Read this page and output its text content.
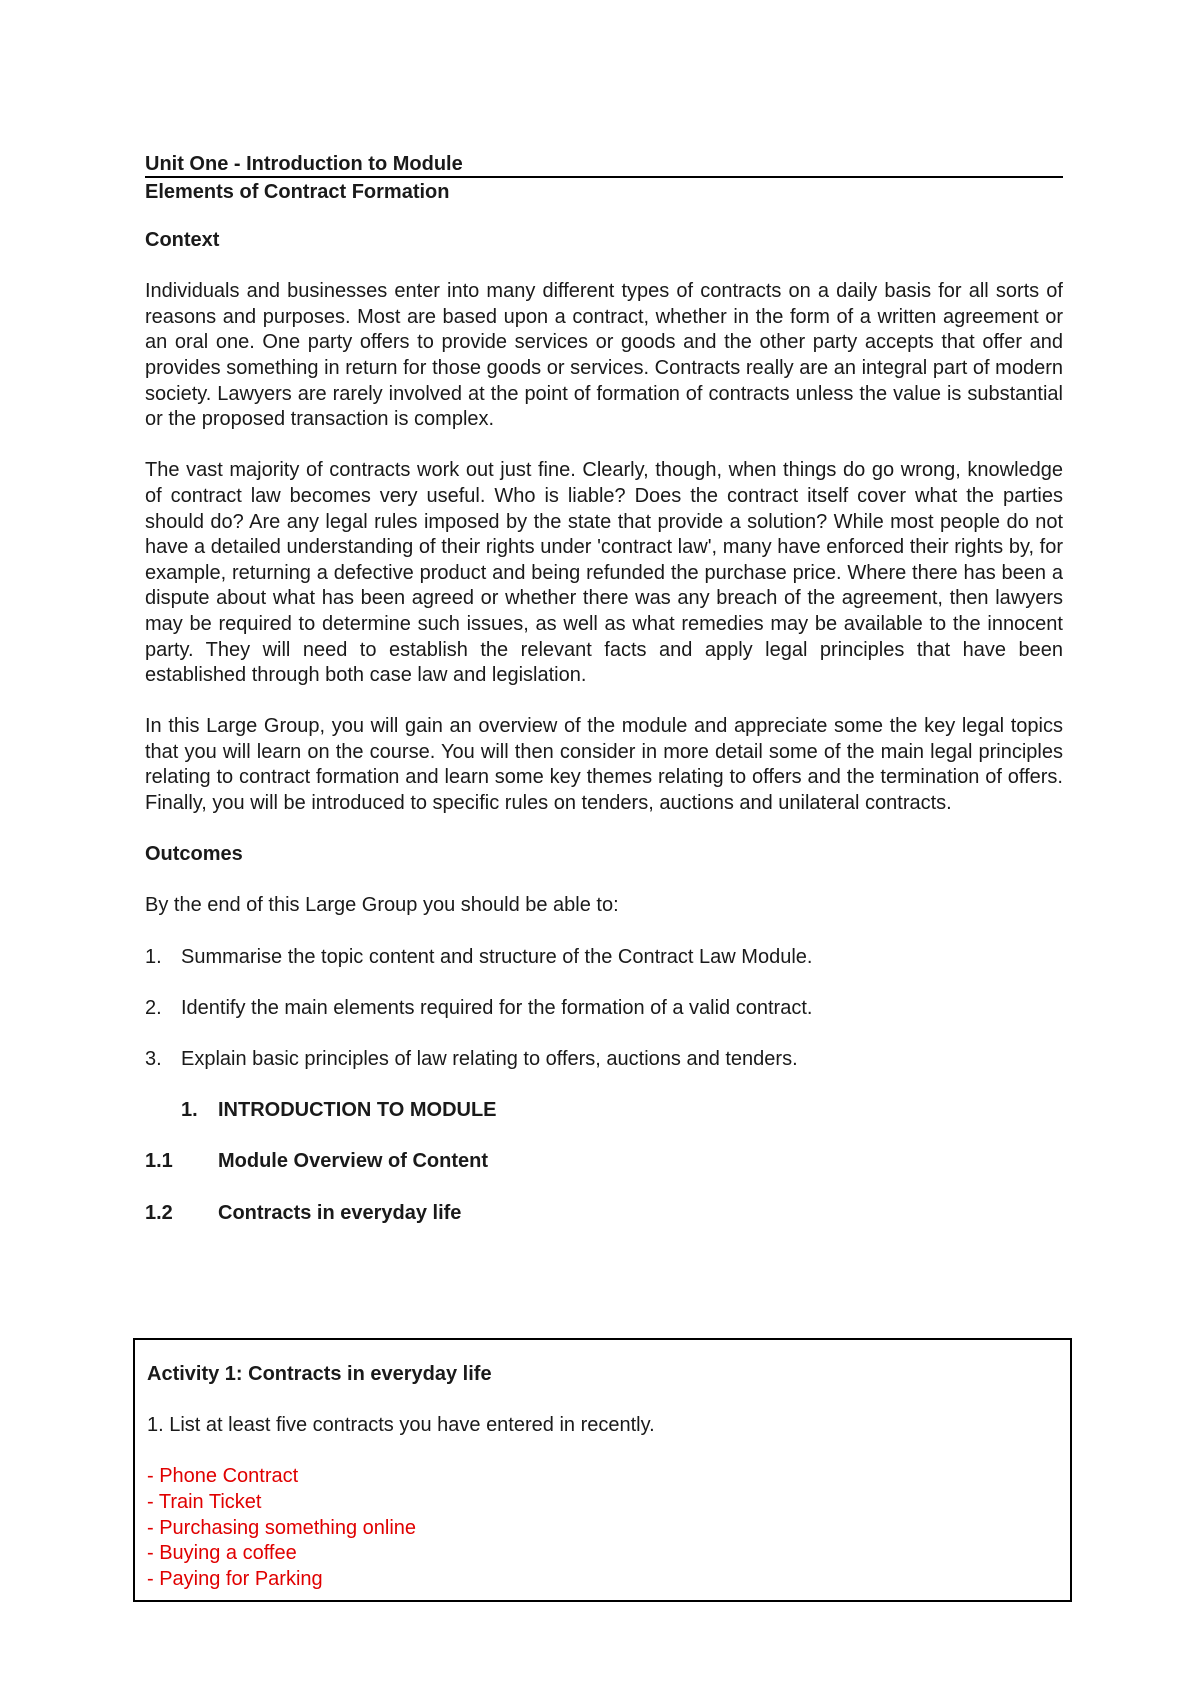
Unit One - Introduction to Module
Elements of Contract Formation
Context

Individuals and businesses enter into many different types of contracts on a daily basis for all sorts of reasons and purposes. Most are based upon a contract, whether in the form of a written agreement or an oral one. One party offers to provide services or goods and the other party accepts that offer and provides something in return for those goods or services. Contracts really are an integral part of modern society. Lawyers are rarely involved at the point of formation of contracts unless the value is substantial or the proposed transaction is complex.

The vast majority of contracts work out just fine. Clearly, though, when things do go wrong, knowledge of contract law becomes very useful. Who is liable? Does the contract itself cover what the parties should do? Are any legal rules imposed by the state that provide a solution? While most people do not have a detailed understanding of their rights under 'contract law', many have enforced their rights by, for example, returning a defective product and being refunded the purchase price. Where there has been a dispute about what has been agreed or whether there was any breach of the agreement, then lawyers may be required to determine such issues, as well as what remedies may be available to the innocent party. They will need to establish the relevant facts and apply legal principles that have been established through both case law and legislation.

In this Large Group, you will gain an overview of the module and appreciate some the key legal topics that you will learn on the course. You will then consider in more detail some of the main legal principles relating to contract formation and learn some key themes relating to offers and the termination of offers. Finally, you will be introduced to specific rules on tenders, auctions and unilateral contracts.

Outcomes

By the end of this Large Group you should be able to:

1. Summarise the topic content and structure of the Contract Law Module.
2. Identify the main elements required for the formation of a valid contract.
3. Explain basic principles of law relating to offers, auctions and tenders.
1.	INTRODUCTION TO MODULE
1.1	Module Overview of Content
1.2	Contracts in everyday life
Activity 1: Contracts in everyday life
1. List at least five contracts you have entered in recently.
- Phone Contract
- Train Ticket
- Purchasing something online
- Buying a coffee
- Paying for Parking
